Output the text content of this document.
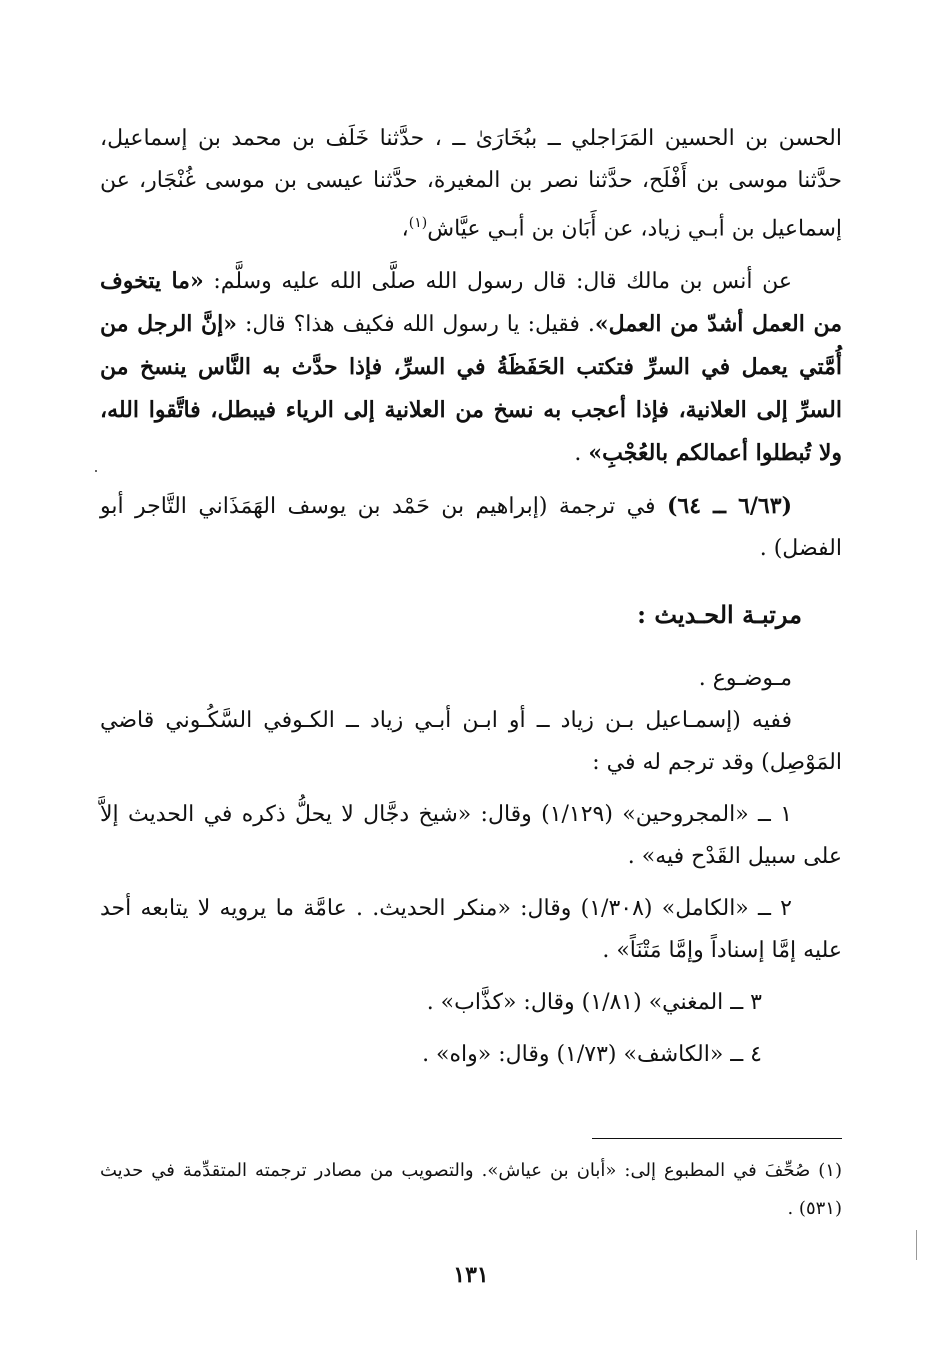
الحسن بن الحسين المَرَاجلي ــ ببُخَارَىٰ ــ ، حدَّثنا خَلَف بن محمد بن إسماعيل، حدَّثنا موسى بن أَفْلَح، حدَّثنا نصر بن المغيرة، حدَّثنا عيسى بن موسى غُنْجَار، عن إسماعيل بن أبـي زياد، عن أَبَان بن أبـي عيَّاش$^{(١)}$،

عن أنس بن مالك قال: قال رسول الله صلَّى الله عليه وسلَّم: «ما يتخوف من العمل أشدّ من العمل». فقيل: يا رسول الله فكيف هذا؟ قال: «إنَّ الرجل من أُمَّتي يعمل في السرِّ فتكتب الحَفَظَةُ في السرِّ، فإذا حدَّث به النَّاس ينسخ من السرِّ إلى العلانية، فإذا أعجب به نسخ من العلانية إلى الرياء فيبطل، فاتَّقوا الله، ولا تُبطلوا أعمالكم بالعُجْبِ» .

(٦/٦٣ ــ ٦٤) في ترجمة (إبراهيم بن حَمْد بن يوسف الهَمَذَاني التَّاجر أبو الفضل) .

مرتبـة الحـديث :

مـوضـوع .

ففيه (إسمـاعيل بـن زياد ــ أو ابـن أبـي زياد ــ الكـوفي السَّكُـوني قاضي المَوْصِل) وقد ترجم له في :

١ ــ «المجروحين» (١/١٢٩) وقال: «شيخ دجَّال لا يحلُّ ذكره في الحديث إلاَّ على سبيل القَدْح فيه» .

٢ ــ «الكامل» (١/٣٠٨) وقال: «منكر الحديث. . عامَّة ما يرويه لا يتابعه أحد عليه إمَّا إسناداً وإمَّا مَتْنَاً» .

٣ ــ المغني» (١/٨١) وقال: «كذَّاب» .

٤ ــ «الكاشف» (١/٧٣) وقال: «واه» .

(١) صُحِّفَ في المطبوع إلى: «أبان بن عياش». والتصويب من مصادر ترجمته المتقدِّمة في حديث (٥٣١) .

١٣١
